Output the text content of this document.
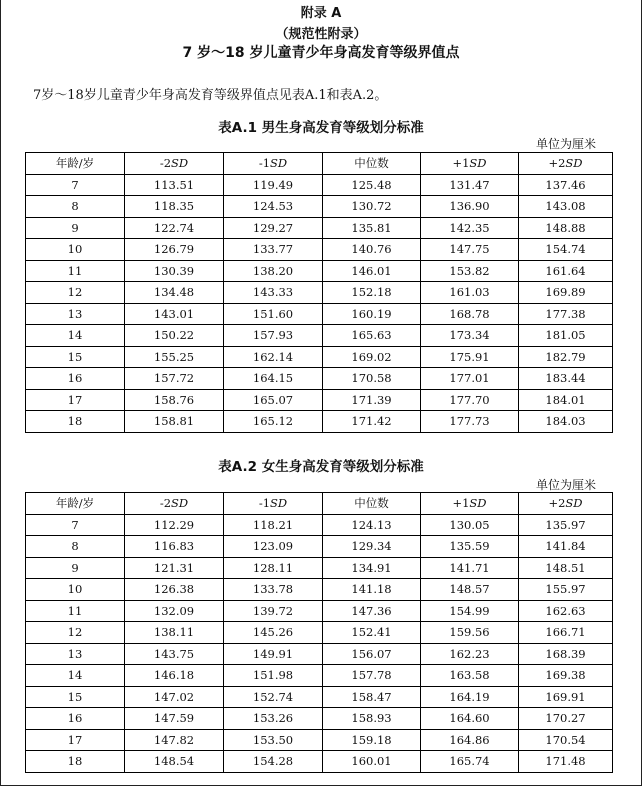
附录 A
（规范性附录）
7 岁～18 岁儿童青少年身高发育等级界值点
7岁～18岁儿童青少年身高发育等级界值点见表A.1和表A.2。
表A.1 男生身高发育等级划分标准
单位为厘米
年龄/岁	-2SD	-1SD	中位数	+1SD	+2SD
7	113.51	119.49	125.48	131.47	137.46
8	118.35	124.53	130.72	136.90	143.08
9	122.74	129.27	135.81	142.35	148.88
10	126.79	133.77	140.76	147.75	154.74
11	130.39	138.20	146.01	153.82	161.64
12	134.48	143.33	152.18	161.03	169.89
13	143.01	151.60	160.19	168.78	177.38
14	150.22	157.93	165.63	173.34	181.05
15	155.25	162.14	169.02	175.91	182.79
16	157.72	164.15	170.58	177.01	183.44
17	158.76	165.07	171.39	177.70	184.01
18	158.81	165.12	171.42	177.73	184.03
表A.2 女生身高发育等级划分标准
单位为厘米
年龄/岁	-2SD	-1SD	中位数	+1SD	+2SD
7	112.29	118.21	124.13	130.05	135.97
8	116.83	123.09	129.34	135.59	141.84
9	121.31	128.11	134.91	141.71	148.51
10	126.38	133.78	141.18	148.57	155.97
11	132.09	139.72	147.36	154.99	162.63
12	138.11	145.26	152.41	159.56	166.71
13	143.75	149.91	156.07	162.23	168.39
14	146.18	151.98	157.78	163.58	169.38
15	147.02	152.74	158.47	164.19	169.91
16	147.59	153.26	158.93	164.60	170.27
17	147.82	153.50	159.18	164.86	170.54
18	148.54	154.28	160.01	165.74	171.48
